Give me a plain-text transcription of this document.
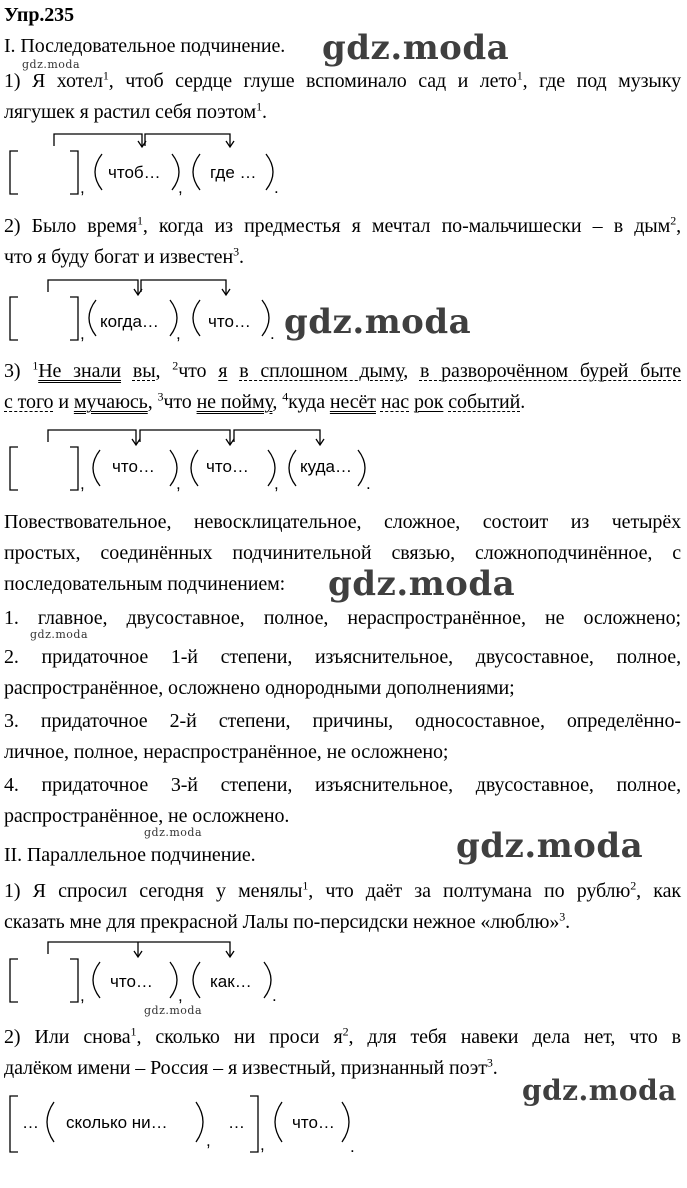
Упр.235
I. Последовательное подчинение.
1) Я хотел$^1$, чтоб сердце глуше вспоминало сад и лето$^1$, где под музыку
лягушек я растил себя поэтом$^1$.
,
чтоб…
,
где …
.
2) Было время$^1$, когда из предместья я мечтал по-мальчишески – в дым$^2$,
что я буду богат и известен$^3$.
,
когда…
,
что…
.
3) $^1$Не знали вы, $^2$что я в сплошном дыму, в разворочённом бурей быте
с того и мучаюсь, $^3$что не пойму, $^4$куда несёт нас рок событий.
,
что…
,
что…
,
куда…
.
Повествовательное, невосклицательное, сложное, состоит из четырёх
простых, соединённых подчинительной связью, сложноподчинённое, с
последовательным подчинением:
1. главное, двусоставное, полное, нераспространённое, не осложнено;
2. придаточное 1-й степени, изъяснительное, двусоставное, полное,
распространённое, осложнено однородными дополнениями;
3. придаточное 2-й степени, причины, односоставное, определённо-
личное, полное, нераспространённое, не осложнено;
4. придаточное 3-й степени, изъяснительное, двусоставное, полное,
распространённое, не осложнено.
II. Параллельное подчинение.
1) Я спросил сегодня у менялы$^1$, что даёт за полтумана по рублю$^2$, как
сказать мне для прекрасной Лалы по-персидски нежное «люблю»$^3$.
,
что…
,
как…
.
2) Или снова$^1$, сколько ни проси $я^2$, для тебя навеки дела нет, что в
далёком имени – Россия – я известный, признанный поэт$^3$.
… сколько ни…
,
…
,
что…
.
gdz.moda
gdz.moda
gdz.moda
gdz.moda
gdz.moda
gdz.moda	gdz.moda
gdz.moda
gdz.moda
